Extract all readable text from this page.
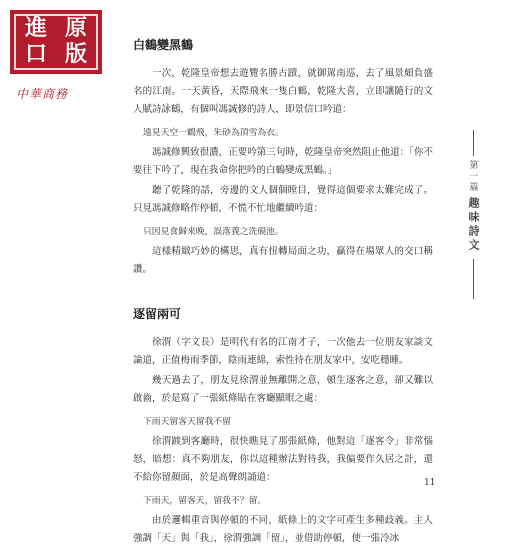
進 原
口 版
中華商務
白鶴變黑鶴

一次，乾隆皇帝想去遊覽名勝古蹟，就御駕南巡，去了風景頗負盛名的江南。一天黃昏，天際飛來一隻白鶴，乾隆大喜，立即讓隨行的文人賦詩詠鶴，有個叫馮誠修的詩人，即景信口吟道：

遠見天空一鶴飛，朱砂為頂雪為衣。

馮誠修興致很濃，正要吟第三句時，乾隆皇帝突然阻止他道：「你不要往下吟了，現在我命你把吟的白鶴變成黑鶴。」

聽了乾隆的話，旁邊的文人個個瞠目，覺得這個要求太難完成了。只見馮誠修略作停頓，不慌不忙地繼續吟道：

只因見食歸來晚，誤落義之洗硯池。

這樣精緻巧妙的構思，真有扭轉局面之功，贏得在場眾人的交口稱讚。

逐留兩可

徐渭（字文長）是明代有名的江南才子，一次他去一位朋友家談文論道，正值梅雨季節，陰雨連綿，索性待在朋友家中，安吃穩睡。

幾天過去了，朋友見徐渭並無離開之意，頓生逐客之意，卻又難以啟齒，於是寫了一張紙條貼在客廳顯眼之處：

下雨天留客天留我不留

徐渭踱到客廳時，很快瞧見了那張紙條，他對這「逐客令」非常惱怒，暗想：真不夠朋友，你以這種辦法對待我，我偏要作久居之計，還不給你留顏面，於是高聲朗誦道：

下雨天，留客天，留我不？留。

由於邏輯重音與停頓的不同，紙條上的文字可產生多種歧義。主人強調「天」與「我」，徐渭強調「留」，並借助停頓，使一張冷冰

第一篇
趣味詩文
11
